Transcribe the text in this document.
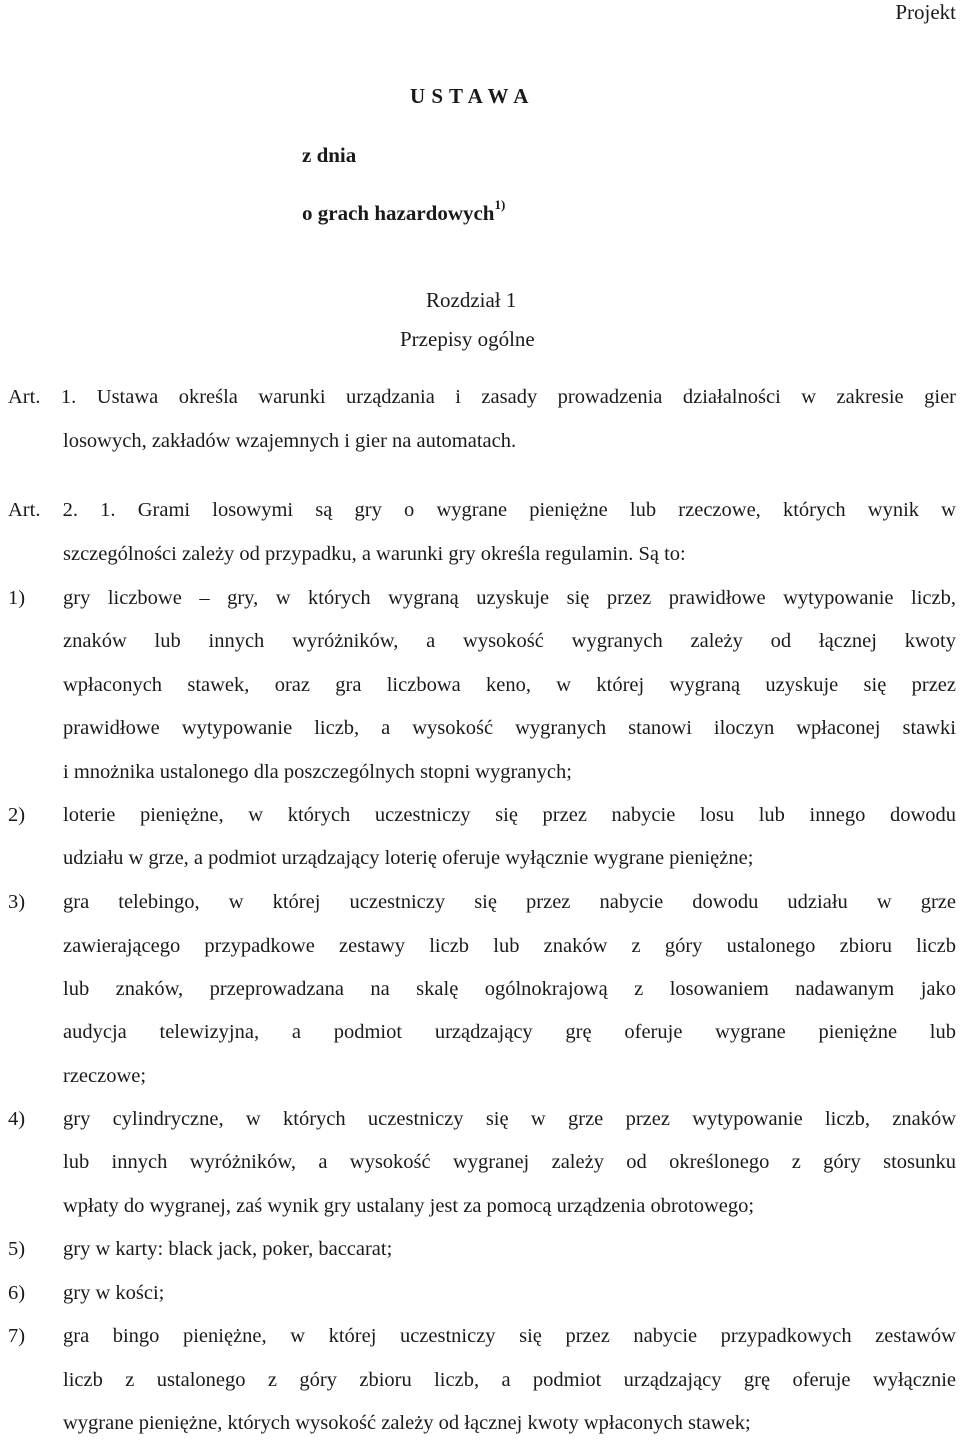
Projekt
U S T A W A
z dnia
o grach hazardowych$^{1)}$
Rozdział 1
Przepisy ogólne
Art. 1. Ustawa określa warunki urządzania i zasady prowadzenia działalności w zakresie gier
losowych, zakładów wzajemnych i gier na automatach.
Art. 2. 1. Grami losowymi są gry o wygrane pieniężne lub rzeczowe, których wynik w
szczególności zależy od przypadku, a warunki gry określa regulamin. Są to:
1) gry liczbowe – gry, w których wygraną uzyskuje się przez prawidłowe wytypowanie liczb,
znaków lub innych wyróżników, a wysokość wygranych zależy od łącznej kwoty
wpłaconych stawek, oraz gra liczbowa keno, w której wygraną uzyskuje się przez
prawidłowe wytypowanie liczb, a wysokość wygranych stanowi iloczyn wpłaconej stawki
i mnożnika ustalonego dla poszczególnych stopni wygranych;
2) loterie pieniężne, w których uczestniczy się przez nabycie losu lub innego dowodu
udziału w grze, a podmiot urządzający loterię oferuje wyłącznie wygrane pieniężne;
3) gra telebingo, w której uczestniczy się przez nabycie dowodu udziału w grze
zawierającego przypadkowe zestawy liczb lub znaków z góry ustalonego zbioru liczb
lub znaków, przeprowadzana na skalę ogólnokrajową z losowaniem nadawanym jako
audycja telewizyjna, a podmiot urządzający grę oferuje wygrane pieniężne lub
rzeczowe;
4) gry cylindryczne, w których uczestniczy się w grze przez wytypowanie liczb, znaków
lub innych wyróżników, a wysokość wygranej zależy od określonego z góry stosunku
wpłaty do wygranej, zaś wynik gry ustalany jest za pomocą urządzenia obrotowego;
5) gry w karty: black jack, poker, baccarat;
6) gry w kości;
7) gra bingo pieniężne, w której uczestniczy się przez nabycie przypadkowych zestawów
liczb z ustalonego z góry zbioru liczb, a podmiot urządzający grę oferuje wyłącznie
wygrane pieniężne, których wysokość zależy od łącznej kwoty wpłaconych stawek;
